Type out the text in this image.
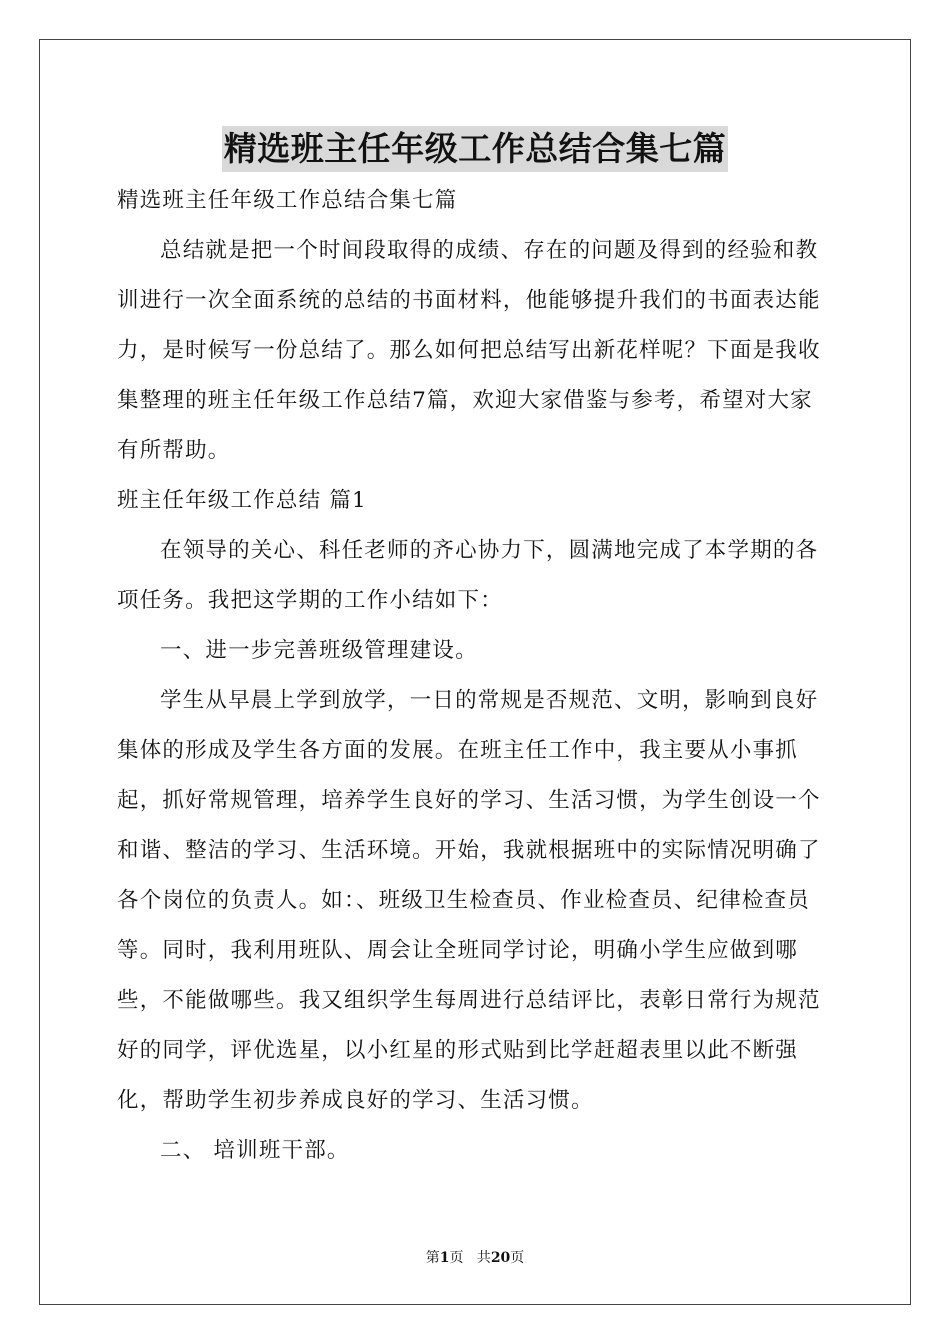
精选班主任年级工作总结合集七篇

精选班主任年级工作总结合集七篇

总结就是把一个时间段取得的成绩、存在的问题及得到的经验和教训进行一次全面系统的总结的书面材料，他能够提升我们的书面表达能力，是时候写一份总结了。那么如何把总结写出新花样呢？下面是我收集整理的班主任年级工作总结7篇，欢迎大家借鉴与参考，希望对大家有所帮助。

班主任年级工作总结 篇1

在领导的关心、科任老师的齐心协力下，圆满地完成了本学期的各项任务。我把这学期的工作小结如下：

一、进一步完善班级管理建设。

学生从早晨上学到放学，一日的常规是否规范、文明，影响到良好集体的形成及学生各方面的发展。在班主任工作中，我主要从小事抓起，抓好常规管理，培养学生良好的学习、生活习惯，为学生创设一个和谐、整洁的学习、生活环境。开始，我就根据班中的实际情况明确了各个岗位的负责人。如：、班级卫生检查员、作业检查员、纪律检查员等。同时，我利用班队、周会让全班同学讨论，明确小学生应做到哪些，不能做哪些。我又组织学生每周进行总结评比，表彰日常行为规范好的同学，评优选星，以小红星的形式贴到比学赶超表里以此不断强化，帮助学生初步养成良好的学习、生活习惯。

二、 培训班干部。

第1页 共20页
